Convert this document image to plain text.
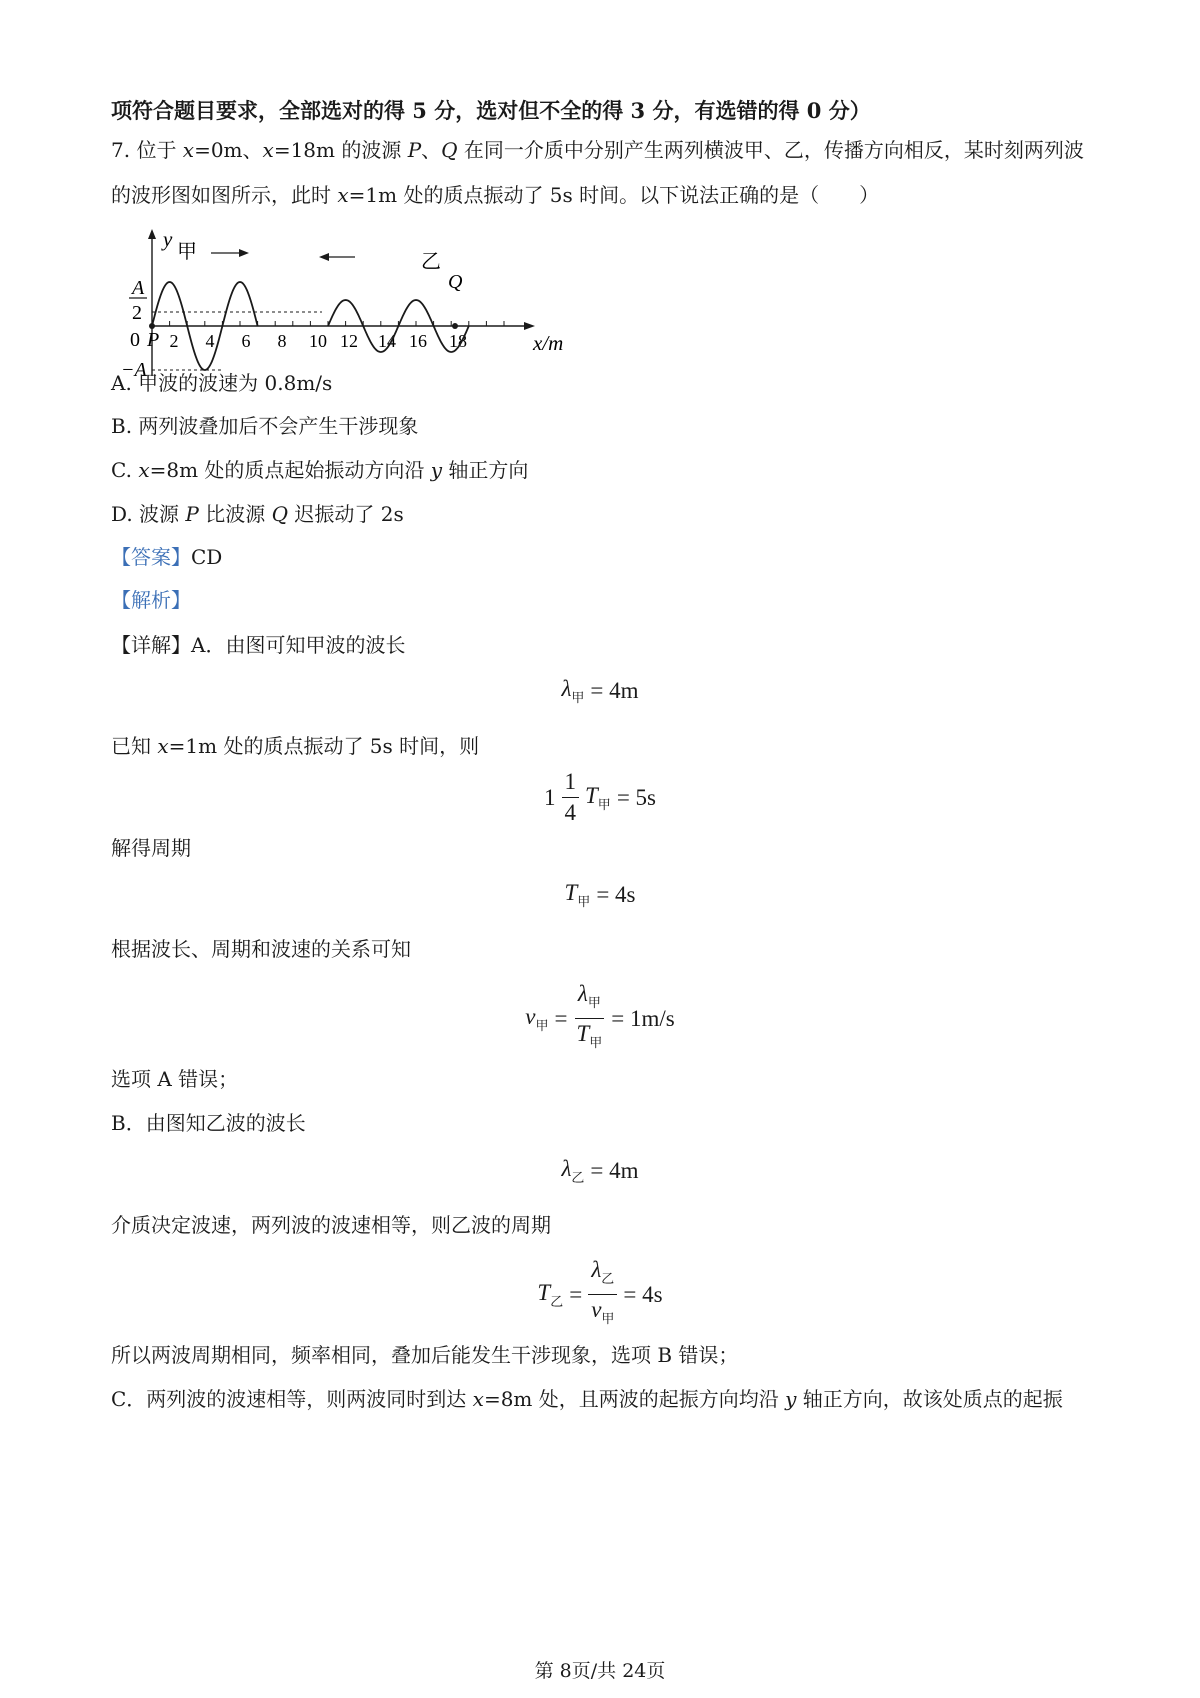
项符合题目要求，全部选对的得 5 分，选对但不全的得 3 分，有选错的得 0 分）
7. 位于 x=0m、x=18m 的波源 P、Q 在同一介质中分别产生两列横波甲、乙，传播方向相反，某时刻两列波
的波形图如图所示，此时 x=1m 处的质点振动了 5s 时间。以下说法正确的是（　　）
y
x/m
A
2
0
−A
2 4 6 8 10 12 14 16 18
P
Q
甲	乙
A. 甲波的波速为 0.8m/s
B. 两列波叠加后不会产生干涉现象
C. x=8m 处的质点起始振动方向沿 y 轴正方向
D. 波源 P 比波源 Q 迟振动了 2s
【答案】CD
【解析】
【详解】A．由图可知甲波的波长
$\lambda_甲 = 4m$
已知 x=1m 处的质点振动了 5s 时间，则
$1 \frac{1}{4} T_甲 = 5s$
解得周期
$T_甲 = 4s$
根据波长、周期和波速的关系可知
$v_甲 = \frac{\lambda_甲}{T_甲} = 1m/s$
选项 A 错误；
B．由图知乙波的波长
$\lambda_乙 = 4m$
介质决定波速，两列波的波速相等，则乙波的周期
$T_乙 = \frac{\lambda_乙}{v_甲} = 4s$
所以两波周期相同，频率相同，叠加后能发生干涉现象，选项 B 错误；
C．两列波的波速相等，则两波同时到达 x=8m 处，且两波的起振方向均沿 y 轴正方向，故该处质点的起振
第 8页/共 24页
